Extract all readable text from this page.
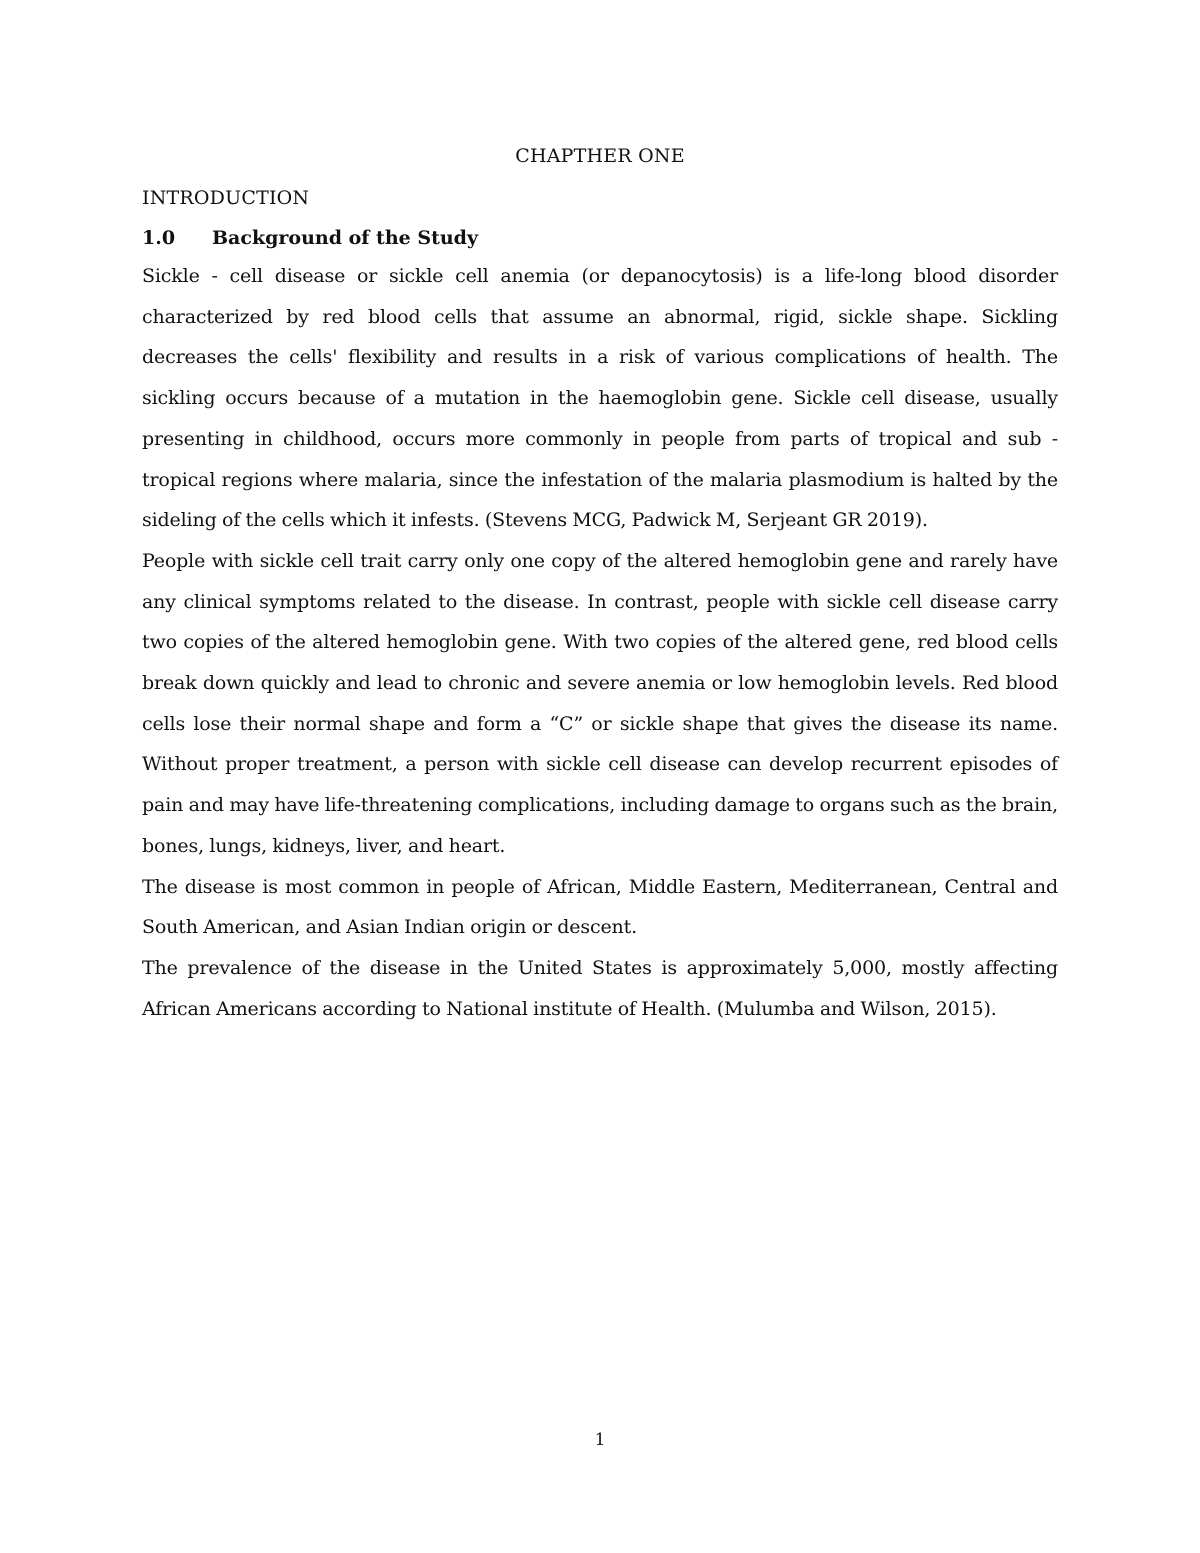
CHAPTHER ONE
INTRODUCTION
1.0	Background of the Study

Sickle - cell disease or sickle cell anemia (or depanocytosis) is a life-long blood disorder characterized by red blood cells that assume an abnormal, rigid, sickle shape. Sickling decreases the cells' flexibility and results in a risk of various complications of health. The sickling occurs because of a mutation in the haemoglobin gene. Sickle cell disease, usually presenting in childhood, occurs more commonly in people from parts of tropical and sub -tropical regions where malaria, since the infestation of the malaria plasmodium is halted by the sideling of the cells which it infests. (Stevens MCG, Padwick M, Serjeant GR 2019).

People with sickle cell trait carry only one copy of the altered hemoglobin gene and rarely have any clinical symptoms related to the disease. In contrast, people with sickle cell disease carry two copies of the altered hemoglobin gene. With two copies of the altered gene, red blood cells break down quickly and lead to chronic and severe anemia or low hemoglobin levels. Red blood cells lose their normal shape and form a “C” or sickle shape that gives the disease its name. Without proper treatment, a person with sickle cell disease can develop recurrent episodes of pain and may have life-threatening complications, including damage to organs such as the brain, bones, lungs, kidneys, liver, and heart.

The disease is most common in people of African, Middle Eastern, Mediterranean, Central and South American, and Asian Indian origin or descent.

The prevalence of the disease in the United States is approximately 5,000, mostly affecting African Americans according to National institute of Health. (Mulumba and Wilson, 2015).

1
